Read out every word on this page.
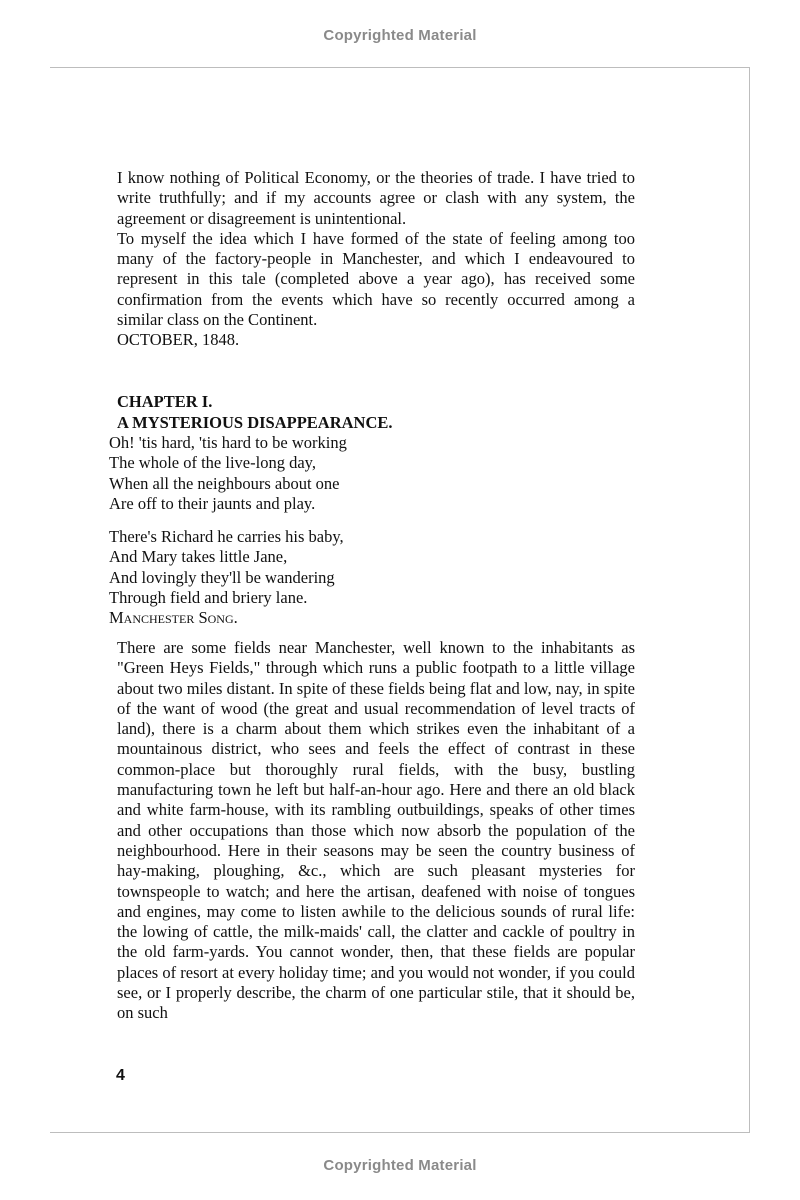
Copyrighted Material

I know nothing of Political Economy, or the theories of trade. I have tried to write truthfully; and if my accounts agree or clash with any system, the agreement or disagreement is unintentional.

To myself the idea which I have formed of the state of feeling among too many of the factory-people in Manchester, and which I endeavoured to represent in this tale (completed above a year ago), has received some confirmation from the events which have so recently occurred among a similar class on the Continent.

OCTOBER, 1848.

CHAPTER I.
A MYSTERIOUS DISAPPEARANCE.
Oh! 'tis hard, 'tis hard to be working
The whole of the live-long day,
When all the neighbours about one
Are off to their jaunts and play.
There's Richard he carries his baby,
And Mary takes little Jane,
And lovingly they'll be wandering
Through field and briery lane.
Manchester Song.

There are some fields near Manchester, well known to the inhabitants as "Green Heys Fields," through which runs a public footpath to a little village about two miles distant. In spite of these fields being flat and low, nay, in spite of the want of wood (the great and usual recommendation of level tracts of land), there is a charm about them which strikes even the inhabitant of a mountainous district, who sees and feels the effect of contrast in these common-place but thoroughly rural fields, with the busy, bustling manufacturing town he left but half-an-hour ago. Here and there an old black and white farm-house, with its rambling outbuildings, speaks of other times and other occupations than those which now absorb the population of the neighbourhood. Here in their seasons may be seen the country business of hay-making, ploughing, &c., which are such pleasant mysteries for townspeople to watch; and here the artisan, deafened with noise of tongues and engines, may come to listen awhile to the delicious sounds of rural life: the lowing of cattle, the milk-maids' call, the clatter and cackle of poultry in the old farm-yards. You cannot wonder, then, that these fields are popular places of resort at every holiday time; and you would not wonder, if you could see, or I properly describe, the charm of one particular stile, that it should be, on such

4
Copyrighted Material
